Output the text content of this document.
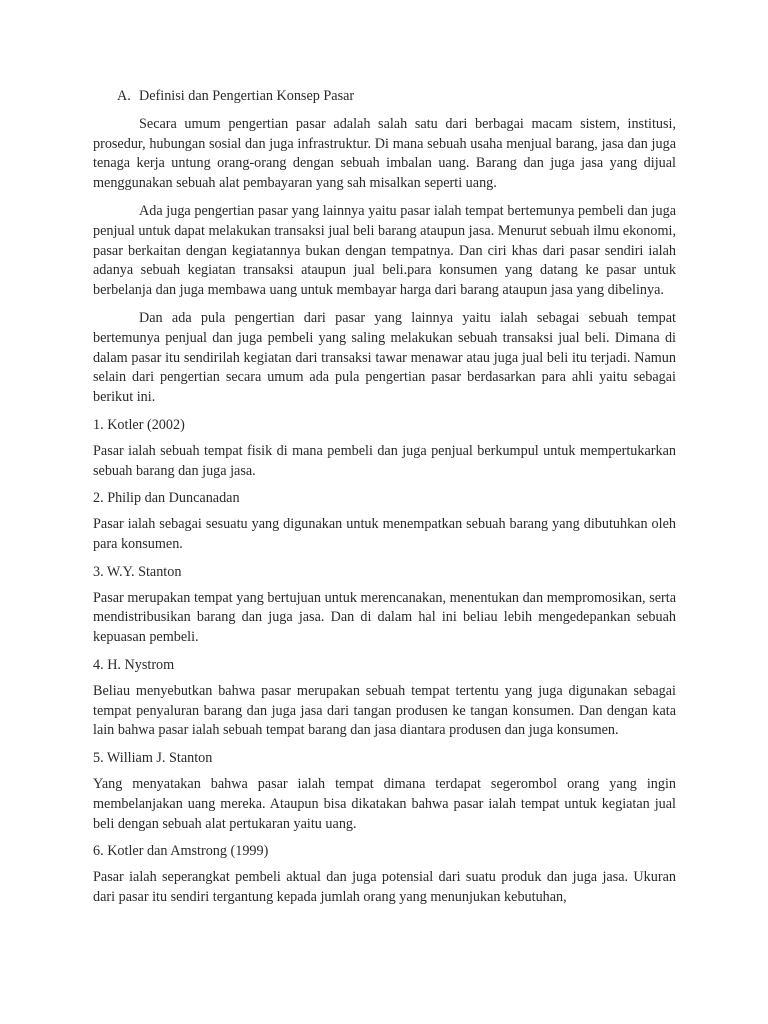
A. Definisi dan Pengertian Konsep Pasar

Secara umum pengertian pasar adalah salah satu dari berbagai macam sistem, institusi, prosedur, hubungan sosial dan juga infrastruktur. Di mana sebuah usaha menjual barang, jasa dan juga tenaga kerja untung orang-orang dengan sebuah imbalan uang. Barang dan juga jasa yang dijual menggunakan sebuah alat pembayaran yang sah misalkan seperti uang.

Ada juga pengertian pasar yang lainnya yaitu pasar ialah tempat bertemunya pembeli dan juga penjual untuk dapat melakukan transaksi jual beli barang ataupun jasa. Menurut sebuah ilmu ekonomi, pasar berkaitan dengan kegiatannya bukan dengan tempatnya. Dan ciri khas dari pasar sendiri ialah adanya sebuah kegiatan transaksi ataupun jual beli.para konsumen yang datang ke pasar untuk berbelanja dan juga membawa uang untuk membayar harga dari barang ataupun jasa yang dibelinya.

Dan ada pula pengertian dari pasar yang lainnya yaitu ialah sebagai sebuah tempat bertemunya penjual dan juga pembeli yang saling melakukan sebuah transaksi jual beli. Dimana di dalam pasar itu sendirilah kegiatan dari transaksi tawar menawar atau juga jual beli itu terjadi. Namun selain dari pengertian secara umum ada pula pengertian pasar berdasarkan para ahli yaitu sebagai berikut ini.

1. Kotler (2002)

Pasar ialah sebuah tempat fisik di mana pembeli dan juga penjual berkumpul untuk mempertukarkan sebuah barang dan juga jasa.

2. Philip dan Duncanadan

Pasar ialah sebagai sesuatu yang digunakan untuk menempatkan sebuah barang yang dibutuhkan oleh para konsumen.

3. W.Y. Stanton

Pasar merupakan tempat yang bertujuan untuk merencanakan, menentukan dan mempromosikan, serta mendistribusikan barang dan juga jasa. Dan di dalam hal ini beliau lebih mengedepankan sebuah kepuasan pembeli.

4. H. Nystrom

Beliau menyebutkan bahwa pasar merupakan sebuah tempat tertentu yang juga digunakan sebagai tempat penyaluran barang dan juga jasa dari tangan produsen ke tangan konsumen. Dan dengan kata lain bahwa pasar ialah sebuah tempat barang dan jasa diantara produsen dan juga konsumen.

5. William J. Stanton

Yang menyatakan bahwa pasar ialah tempat dimana terdapat segerombol orang yang ingin membelanjakan uang mereka. Ataupun bisa dikatakan bahwa pasar ialah tempat untuk kegiatan jual beli dengan sebuah alat pertukaran yaitu uang.

6. Kotler dan Amstrong (1999)

Pasar ialah seperangkat pembeli aktual dan juga potensial dari suatu produk dan juga jasa. Ukuran dari pasar itu sendiri tergantung kepada jumlah orang yang menunjukan kebutuhan,
